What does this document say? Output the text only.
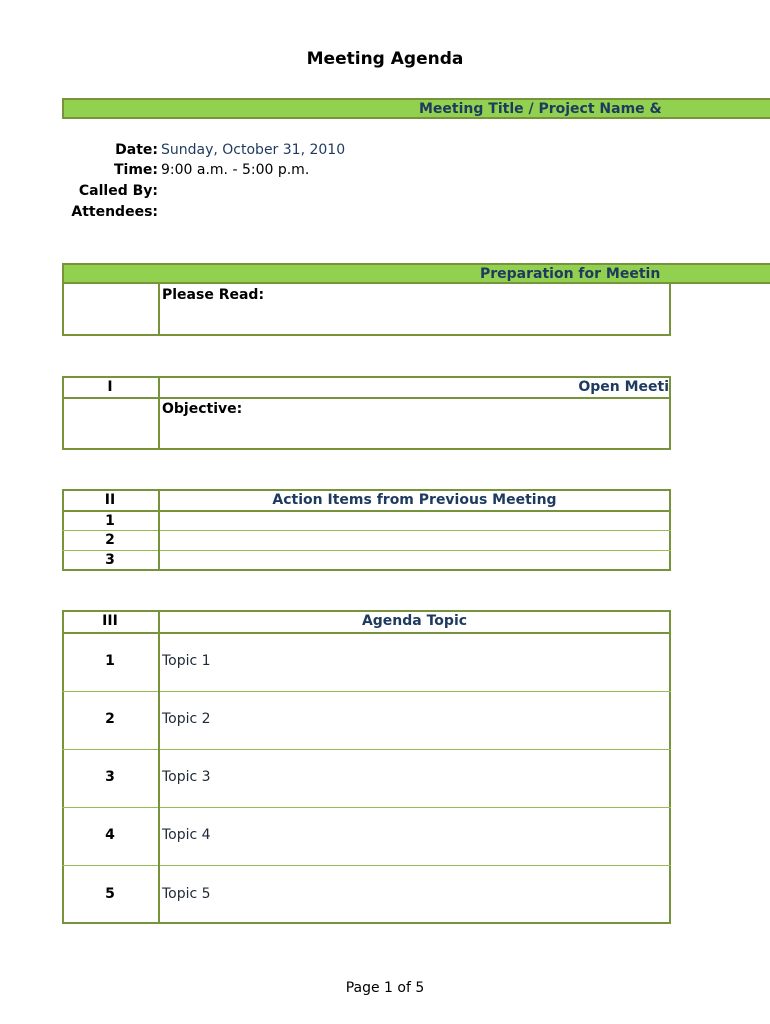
Meeting Agenda
Meeting Title / Project Name &
Date: Sunday, October 31, 2010
Time: 9:00 a.m. - 5:00 p.m.
Called By:
Attendees:
Preparation for Meetin
Please Read:
I	Open Meeti
Objective:
II	Action Items from Previous Meeting
1
2
3
III	Agenda Topic
1	Topic 1
2	Topic 2
3	Topic 3
4	Topic 4
5	Topic 5
Page 1 of 5
